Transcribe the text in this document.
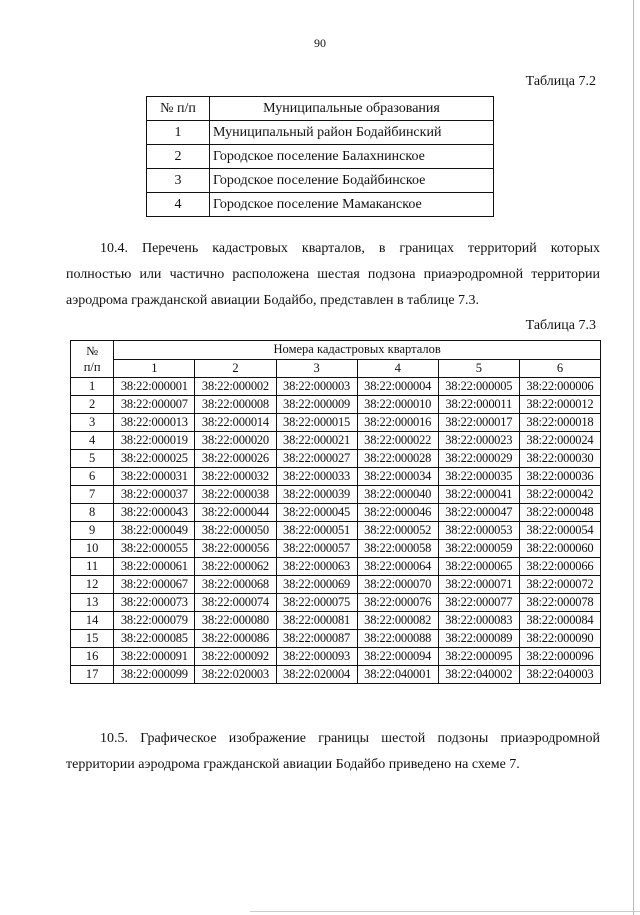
90
Таблица 7.2
№ п/п	Муниципальные образования
1	Муниципальный район Бодайбинский
2	Городское поселение Балахнинское
3	Городское поселение Бодайбинское
4	Городское поселение Мамаканское
10.4. Перечень кадастровых кварталов, в границах территорий которых
полностью или частично расположена шестая подзона приаэродромной территории
аэродрома гражданской авиации Бодайбо, представлен в таблице 7.3.
Таблица 7.3
№
п/п	Номера кадастровых кварталов					
	1	2	3	4	5	6
1	38:22:000001	38:22:000002	38:22:000003	38:22:000004	38:22:000005	38:22:000006
2	38:22:000007	38:22:000008	38:22:000009	38:22:000010	38:22:000011	38:22:000012
3	38:22:000013	38:22:000014	38:22:000015	38:22:000016	38:22:000017	38:22:000018
4	38:22:000019	38:22:000020	38:22:000021	38:22:000022	38:22:000023	38:22:000024
5	38:22:000025	38:22:000026	38:22:000027	38:22:000028	38:22:000029	38:22:000030
6	38:22:000031	38:22:000032	38:22:000033	38:22:000034	38:22:000035	38:22:000036
7	38:22:000037	38:22:000038	38:22:000039	38:22:000040	38:22:000041	38:22:000042
8	38:22:000043	38:22:000044	38:22:000045	38:22:000046	38:22:000047	38:22:000048
9	38:22:000049	38:22:000050	38:22:000051	38:22:000052	38:22:000053	38:22:000054
10	38:22:000055	38:22:000056	38:22:000057	38:22:000058	38:22:000059	38:22:000060
11	38:22:000061	38:22:000062	38:22:000063	38:22:000064	38:22:000065	38:22:000066
12	38:22:000067	38:22:000068	38:22:000069	38:22:000070	38:22:000071	38:22:000072
13	38:22:000073	38:22:000074	38:22:000075	38:22:000076	38:22:000077	38:22:000078
14	38:22:000079	38:22:000080	38:22:000081	38:22:000082	38:22:000083	38:22:000084
15	38:22:000085	38:22:000086	38:22:000087	38:22:000088	38:22:000089	38:22:000090
16	38:22:000091	38:22:000092	38:22:000093	38:22:000094	38:22:000095	38:22:000096
17	38:22:000099	38:22:020003	38:22:020004	38:22:040001	38:22:040002	38:22:040003
10.5. Графическое изображение границы шестой подзоны приаэродромной
территории аэродрома гражданской авиации Бодайбо приведено на схеме 7.
